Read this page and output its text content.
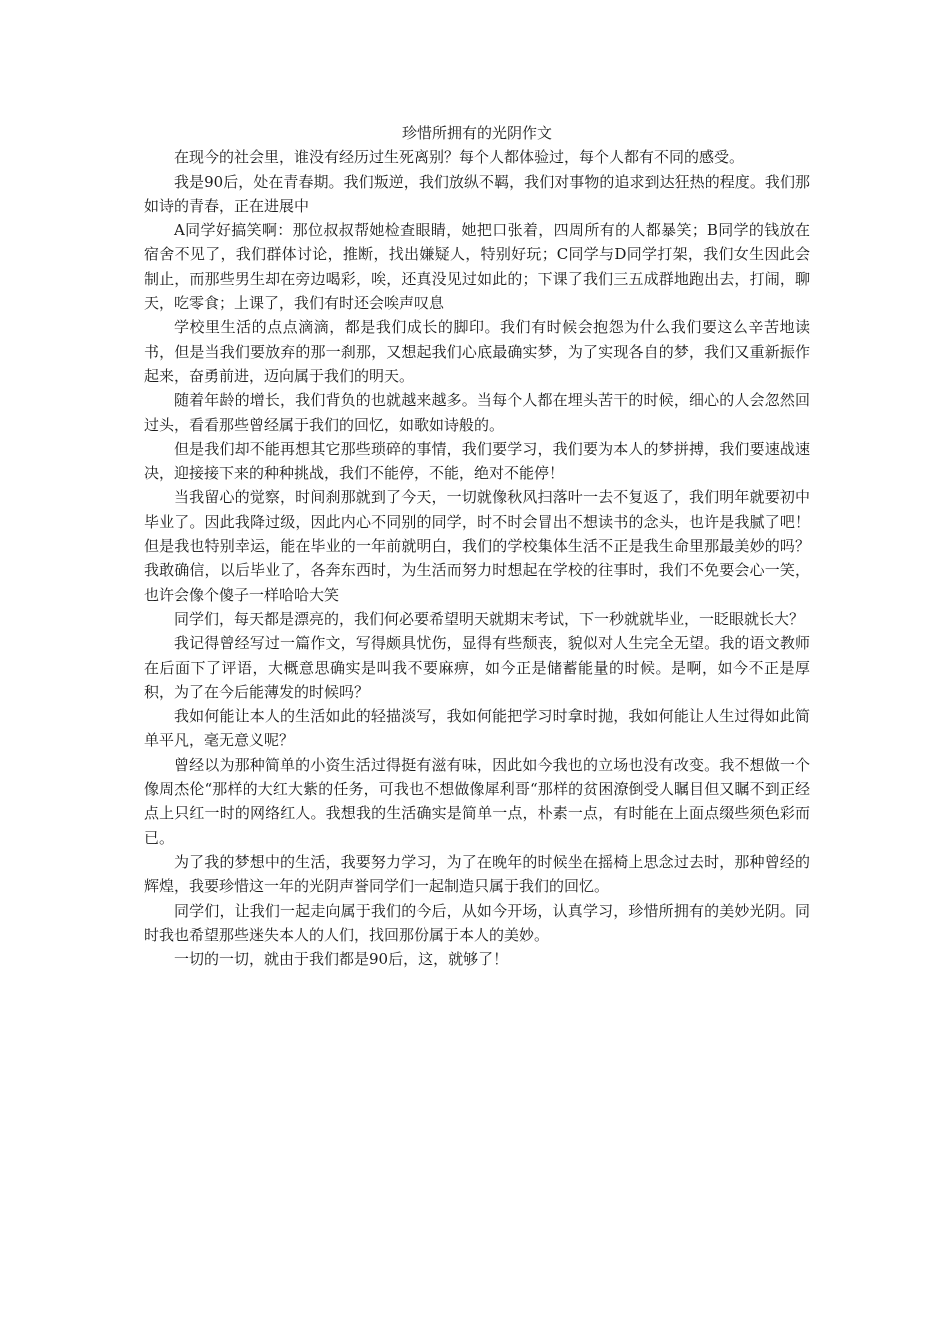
珍惜所拥有的光阴作文

在现今的社会里，谁没有经历过生死离别？每个人都体验过，每个人都有不同的感受。

我是90后，处在青春期。我们叛逆，我们放纵不羁，我们对事物的追求到达狂热的程度。我们那如诗的青春，正在进展中

A同学好搞笑啊：那位叔叔帮她检查眼睛，她把口张着，四周所有的人都暴笑；B同学的钱放在宿舍不见了，我们群体讨论，推断，找出嫌疑人，特别好玩；C同学与D同学打架，我们女生因此会制止，而那些男生却在旁边喝彩，唉，还真没见过如此的；下课了我们三五成群地跑出去，打闹，聊天，吃零食；上课了，我们有时还会唉声叹息

学校里生活的点点滴滴，都是我们成长的脚印。我们有时候会抱怨为什么我们要这么辛苦地读书，但是当我们要放弃的那一刹那，又想起我们心底最确实梦，为了实现各自的梦，我们又重新振作起来，奋勇前进，迈向属于我们的明天。

随着年龄的增长，我们背负的也就越来越多。当每个人都在埋头苦干的时候，细心的人会忽然回过头，看看那些曾经属于我们的回忆，如歌如诗般的。

但是我们却不能再想其它那些琐碎的事情，我们要学习，我们要为本人的梦拼搏，我们要速战速决，迎接接下来的种种挑战，我们不能停，不能，绝对不能停！

当我留心的觉察，时间刹那就到了今天，一切就像秋风扫落叶一去不复返了，我们明年就要初中毕业了。因此我降过级，因此内心不同别的同学，时不时会冒出不想读书的念头，也许是我腻了吧！但是我也特别幸运，能在毕业的一年前就明白，我们的学校集体生活不正是我生命里那最美妙的吗？我敢确信，以后毕业了，各奔东西时，为生活而努力时想起在学校的往事时，我们不免要会心一笑，也许会像个傻子一样哈哈大笑

同学们，每天都是漂亮的，我们何必要希望明天就期末考试，下一秒就就毕业，一眨眼就长大？

我记得曾经写过一篇作文，写得颇具忧伤，显得有些颓丧，貌似对人生完全无望。我的语文教师在后面下了评语，大概意思确实是叫我不要麻痹，如今正是储蓄能量的时候。是啊，如今不正是厚积，为了在今后能薄发的时候吗？

我如何能让本人的生活如此的轻描淡写，我如何能把学习时拿时抛，我如何能让人生过得如此简单平凡，毫无意义呢？

曾经以为那种简单的小资生活过得挺有滋有味，因此如今我也的立场也没有改变。我不想做一个像周杰伦“那样的大红大紫的任务，可我也不想做像犀利哥“那样的贫困潦倒受人瞩目但又瞩不到正经点上只红一时的网络红人。我想我的生活确实是简单一点，朴素一点，有时能在上面点缀些须色彩而已。

为了我的梦想中的生活，我要努力学习，为了在晚年的时候坐在摇椅上思念过去时，那种曾经的辉煌，我要珍惜这一年的光阴声誉同学们一起制造只属于我们的回忆。

同学们，让我们一起走向属于我们的今后，从如今开场，认真学习，珍惜所拥有的美妙光阴。同时我也希望那些迷失本人的人们，找回那份属于本人的美妙。

一切的一切，就由于我们都是90后，这，就够了！
